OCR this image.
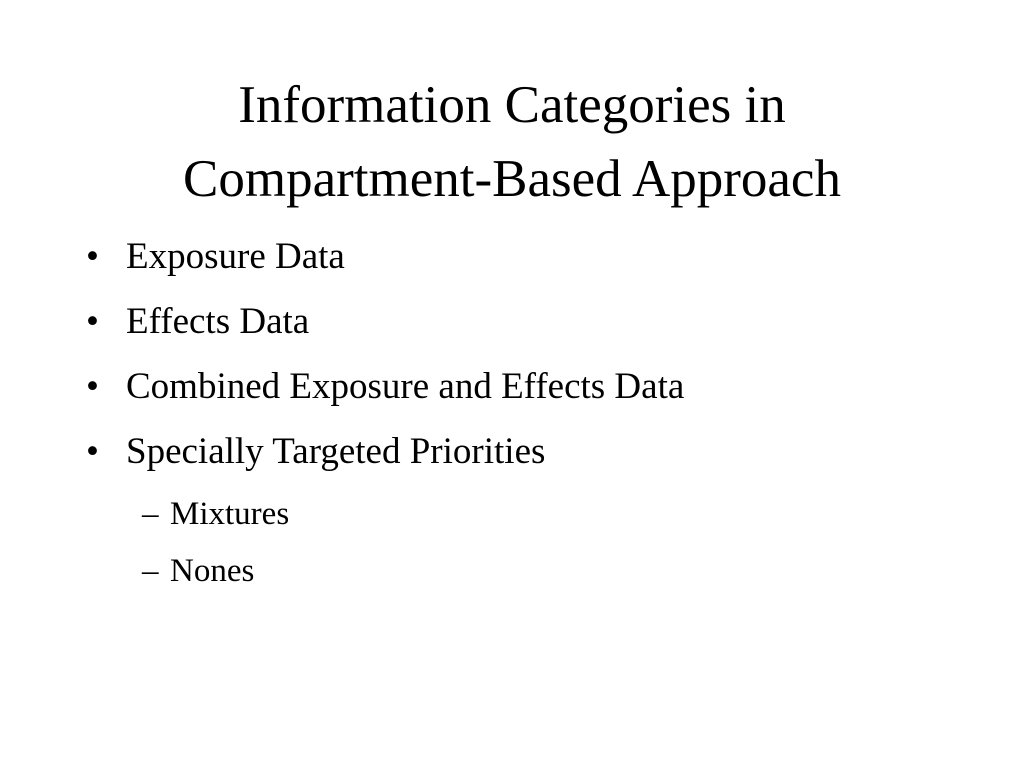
Information Categories in
Compartment-Based Approach
• Exposure Data
• Effects Data
• Combined Exposure and Effects Data
• Specially Targeted Priorities
– Mixtures
– Nones
